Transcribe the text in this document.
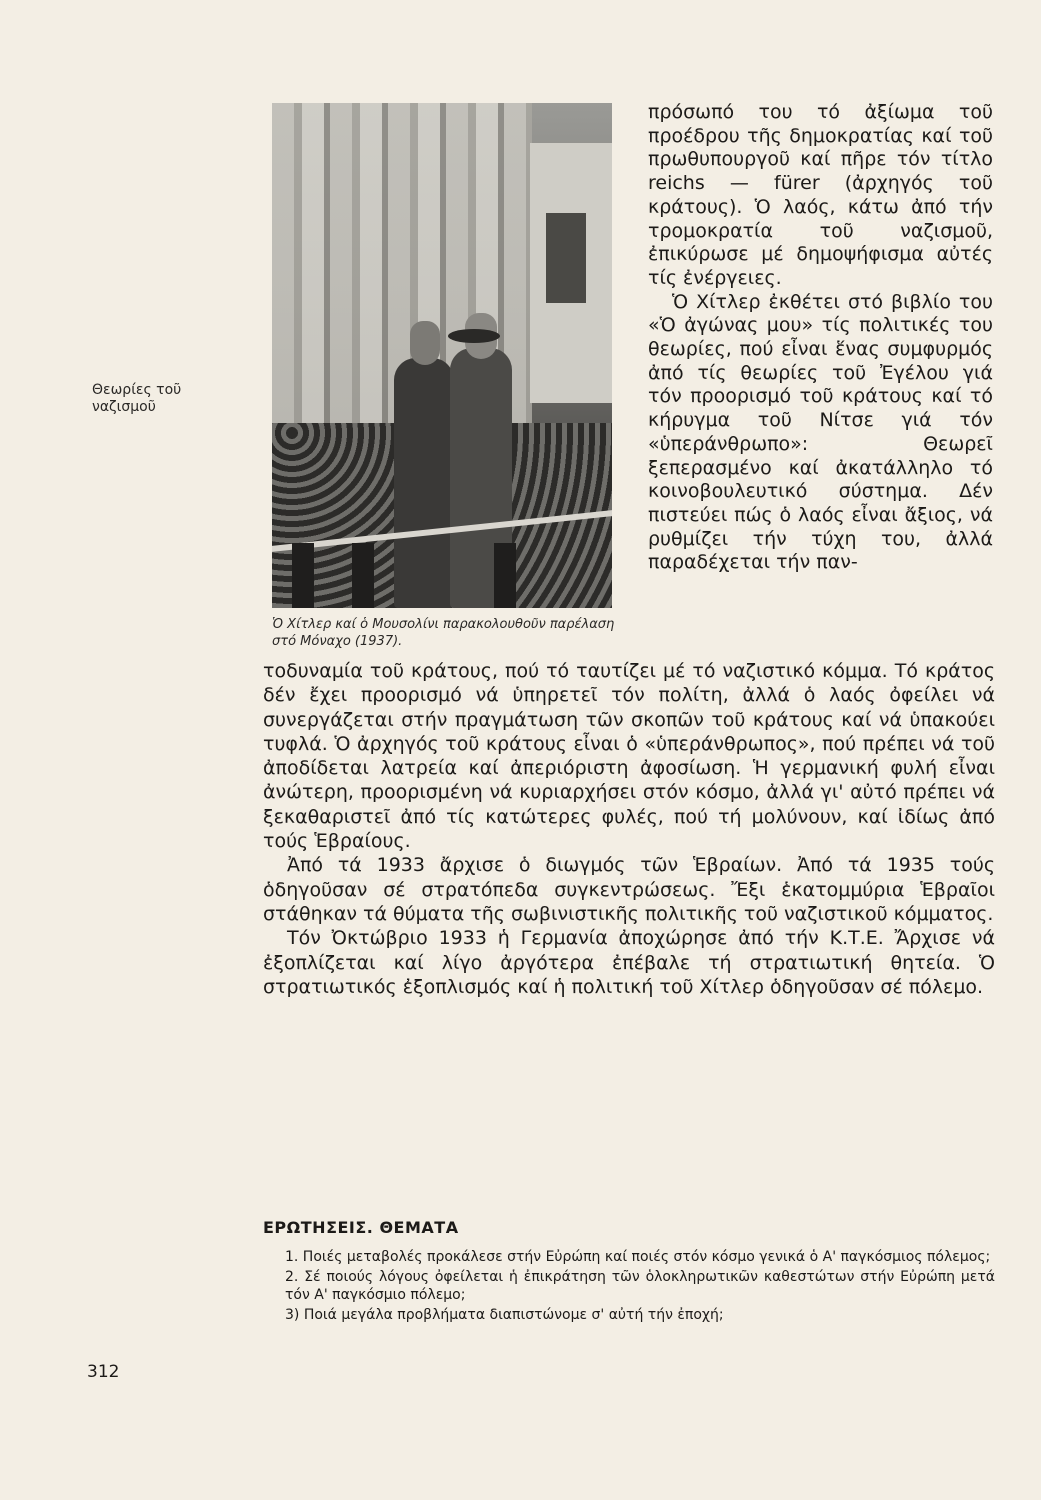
Θεωρίες τοῦ ναζισμοῦ
Ὁ Χίτλερ καί ὁ Μουσολίνι παρακολουθοῦν παρέλαση στό Μόναχο (1937).

πρόσωπό του τό ἀξίωμα τοῦ προέδρου τῆς δημοκρατίας καί τοῦ πρωθυπουργοῦ καί πῆρε τόν τίτλο reichs — fürer (ἀρχηγός τοῦ κράτους). Ὁ λαός, κάτω ἀπό τήν τρομοκρατία τοῦ ναζισμοῦ, ἐπικύρωσε μέ δημοψήφισμα αὐτές τίς ἐνέργειες.

Ὁ Χίτλερ ἐκθέτει στό βιβλίο του «Ὁ ἀγώνας μου» τίς πολιτικές του θεωρίες, πού εἶναι ἕνας συμφυρμός ἀπό τίς θεωρίες τοῦ Ἐγέλου γιά τόν προορισμό τοῦ κράτους καί τό κήρυγμα τοῦ Νίτσε γιά τόν «ὑπεράνθρωπο»: Θεωρεῖ ξεπερασμένο καί ἀκατάλληλο τό κοινοβουλευτικό σύστημα. Δέν πιστεύει πώς ὁ λαός εἶναι ἄξιος, νά ρυθμίζει τήν τύχη του, ἀλλά παραδέχεται τήν παν-

τοδυναμία τοῦ κράτους, πού τό ταυτίζει μέ τό ναζιστικό κόμμα. Τό κράτος δέν ἔχει προορισμό νά ὑπηρετεῖ τόν πολίτη, ἀλλά ὁ λαός ὀφείλει νά συνεργάζεται στήν πραγμάτωση τῶν σκοπῶν τοῦ κράτους καί νά ὑπακούει τυφλά. Ὁ ἀρχηγός τοῦ κράτους εἶναι ὁ «ὑπεράνθρωπος», πού πρέπει νά τοῦ ἀποδίδεται λατρεία καί ἀπεριόριστη ἀφοσίωση. Ἡ γερμανική φυλή εἶναι ἀνώτερη, προορισμένη νά κυριαρχήσει στόν κόσμο, ἀλλά γι' αὐτό πρέπει νά ξεκαθαριστεῖ ἀπό τίς κατώτερες φυλές, πού τή μολύνουν, καί ἰδίως ἀπό τούς Ἑβραίους.

Ἀπό τά 1933 ἄρχισε ὁ διωγμός τῶν Ἑβραίων. Ἀπό τά 1935 τούς ὁδηγοῦσαν σέ στρατόπεδα συγκεντρώσεως. Ἔξι ἑκατομμύρια Ἑβραῖοι στάθηκαν τά θύματα τῆς σωβινιστικῆς πολιτικῆς τοῦ ναζιστικοῦ κόμματος.

Τόν Ὀκτώβριο 1933 ἡ Γερμανία ἀποχώρησε ἀπό τήν Κ.Τ.Ε. Ἄρχισε νά ἐξοπλίζεται καί λίγο ἀργότερα ἐπέβαλε τή στρατιωτική θητεία. Ὁ στρατιωτικός ἐξοπλισμός καί ἡ πολιτική τοῦ Χίτλερ ὁδηγοῦσαν σέ πόλεμο.

ΕΡΩΤΗΣΕΙΣ. ΘΕΜΑΤΑ

1. Ποιές μεταβολές προκάλεσε στήν Εὐρώπη καί ποιές στόν κόσμο γενικά ὁ Α' παγκόσμιος πόλεμος;

2. Σέ ποιούς λόγους ὀφείλεται ἡ ἐπικράτηση τῶν ὁλοκληρωτικῶν καθεστώτων στήν Εὐρώπη μετά τόν Α' παγκόσμιο πόλεμο;

3) Ποιά μεγάλα προβλήματα διαπιστώνομε σ' αὐτή τήν ἐποχή;

312
